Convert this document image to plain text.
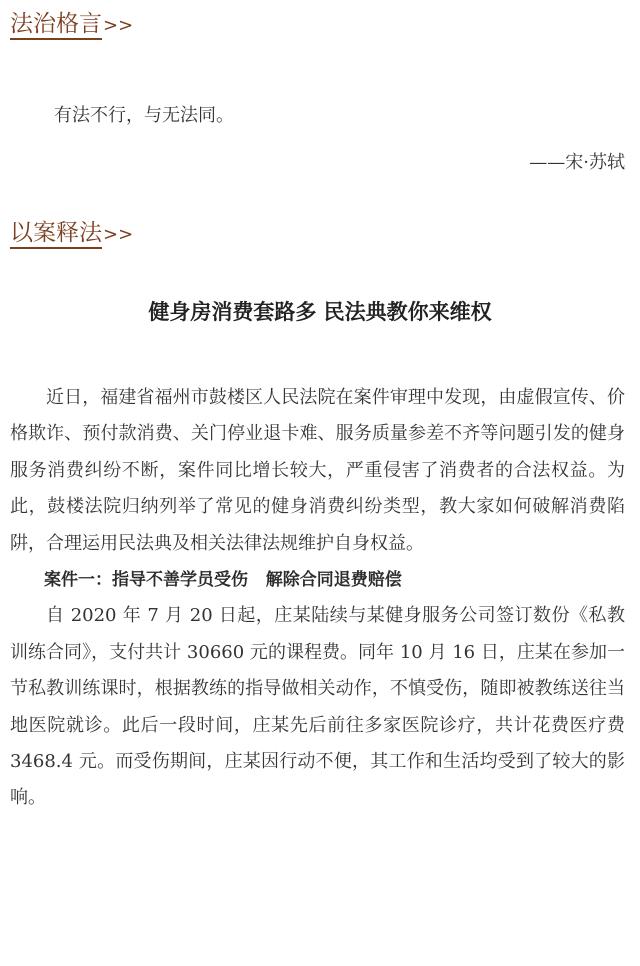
法治格言>>
有法不行，与无法同。
——宋·苏轼
以案释法>>
健身房消费套路多 民法典教你来维权

近日，福建省福州市鼓楼区人民法院在案件审理中发现，由虚假宣传、价格欺诈、预付款消费、关门停业退卡难、服务质量参差不齐等问题引发的健身服务消费纠纷不断，案件同比增长较大，严重侵害了消费者的合法权益。为此，鼓楼法院归纳列举了常见的健身消费纠纷类型，教大家如何破解消费陷阱，合理运用民法典及相关法律法规维护自身权益。

案件一：指导不善学员受伤   解除合同退费赔偿

自 2020 年 7 月 20 日起，庄某陆续与某健身服务公司签订数份《私教训练合同》，支付共计 30660 元的课程费。同年 10 月 16 日，庄某在参加一节私教训练课时，根据教练的指导做相关动作，不慎受伤，随即被教练送往当地医院就诊。此后一段时间，庄某先后前往多家医院诊疗，共计花费医疗费 3468.4 元。而受伤期间，庄某因行动不便，其工作和生活均受到了较大的影响。
